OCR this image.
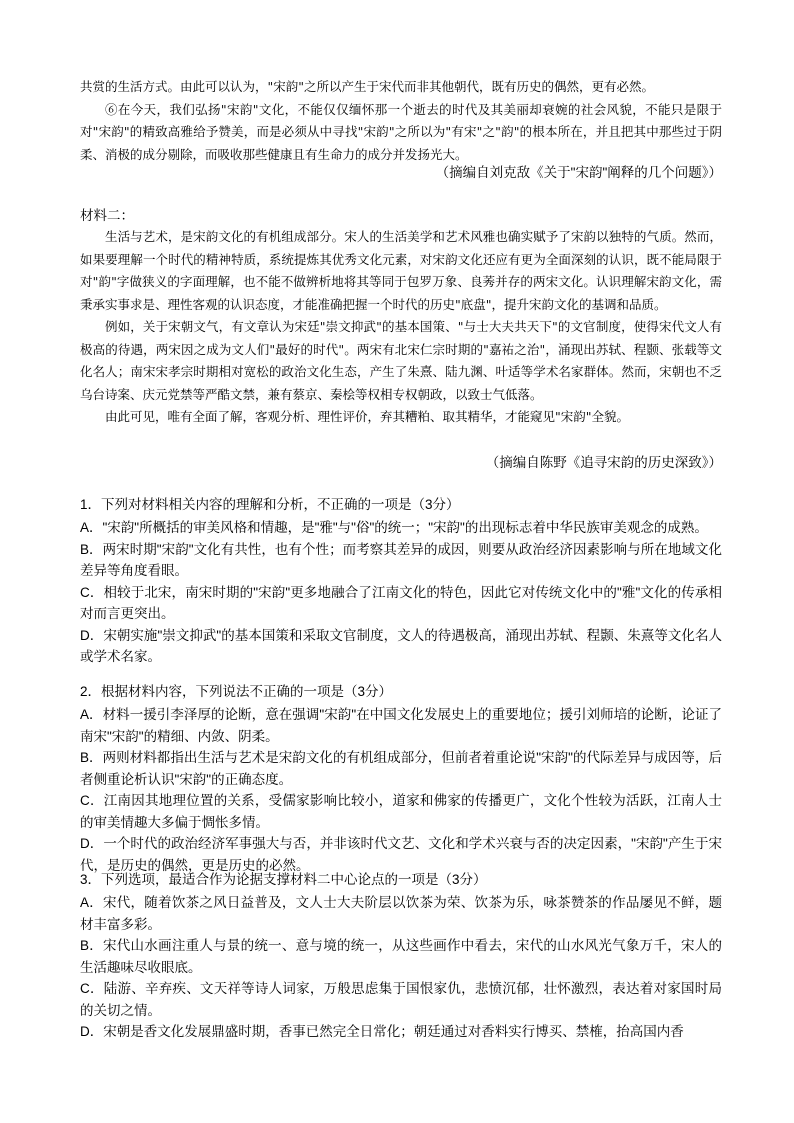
共赏的生活方式。由此可以认为，"宋韵"之所以产生于宋代而非其他朝代，既有历史的偶然，更有必然。

⑥在今天，我们弘扬"宋韵"文化，不能仅仅缅怀那一个逝去的时代及其美丽却衰婉的社会风貌，不能只是限于对"宋韵"的精致高雅给予赞美，而是必须从中寻找"宋韵"之所以为"有宋"之"韵"的根本所在，并且把其中那些过于阴柔、消极的成分剔除，而吸收那些健康且有生命力的成分并发扬光大。

（摘编自刘克敌《关于"宋韵"阐释的几个问题》）

材料二：

生活与艺术，是宋韵文化的有机组成部分。宋人的生活美学和艺术风雅也确实赋予了宋韵以独特的气质。然而，如果要理解一个时代的精神特质，系统提炼其优秀文化元素，对宋韵文化还应有更为全面深刻的认识，既不能局限于对"韵"字做狭义的字面理解，也不能不做辨析地将其等同于包罗万象、良莠并存的两宋文化。认识理解宋韵文化，需秉承实事求是、理性客观的认识态度，才能准确把握一个时代的历史"底盘"，提升宋韵文化的基调和品质。

例如，关于宋朝文气，有文章认为宋廷"崇文抑武"的基本国策、"与士大夫共天下"的文官制度，使得宋代文人有极高的待遇，两宋因之成为文人们"最好的时代"。两宋有北宋仁宗时期的"嘉祐之治"，涌现出苏轼、程颢、张载等文化名人；南宋宋孝宗时期相对宽松的政治文化生态，产生了朱熹、陆九渊、叶适等学术名家群体。然而，宋朝也不乏乌台诗案、庆元党禁等严酷文禁，兼有蔡京、秦桧等权相专权朝政，以致士气低落。

由此可见，唯有全面了解，客观分析、理性评价，弃其糟粕、取其精华，才能窥见"宋韵"全貌。

（摘编自陈野《追寻宋韵的历史深致》）

1．下列对材料相关内容的理解和分析，不正确的一项是（3分）

A．"宋韵"所概括的审美风格和情趣，是"雅"与"俗"的统一；"宋韵"的出现标志着中华民族审美观念的成熟。

B．两宋时期"宋韵"文化有共性，也有个性；而考察其差异的成因，则要从政治经济因素影响与所在地域文化差异等角度看眼。

C．相较于北宋，南宋时期的"宋韵"更多地融合了江南文化的特色，因此它对传统文化中的"雅"文化的传承相对而言更突出。

D．宋朝实施"崇文抑武"的基本国策和采取文官制度，文人的待遇极高，涌现出苏轼、程颢、朱熹等文化名人或学术名家。

2．根据材料内容，下列说法不正确的一项是（3分）

A．材料一援引李泽厚的论断，意在强调"宋韵"在中国文化发展史上的重要地位；援引刘师培的论断，论证了南宋"宋韵"的精细、内敛、阴柔。

B．两则材料都指出生活与艺术是宋韵文化的有机组成部分，但前者着重论说"宋韵"的代际差异与成因等，后者侧重论析认识"宋韵"的正确态度。

C．江南因其地理位置的关系，受儒家影响比较小，道家和佛家的传播更广，文化个性较为活跃，江南人士的审美情趣大多偏于惆怅多情。

D．一个时代的政治经济军事强大与否，并非该时代文艺、文化和学术兴衰与否的决定因素，"宋韵"产生于宋代，是历史的偶然，更是历史的必然。

3．下列选项，最适合作为论据支撑材料二中心论点的一项是（3分）

A．宋代，随着饮茶之风日益普及，文人士大夫阶层以饮茶为荣、饮茶为乐，咏茶赞茶的作品屡见不鲜，题材丰富多彩。

B．宋代山水画注重人与景的统一、意与境的统一，从这些画作中看去，宋代的山水风光气象万千，宋人的生活趣味尽收眼底。

C．陆游、辛弃疾、文天祥等诗人词家，万般思虑集于国恨家仇，悲愤沉郁，壮怀激烈，表达着对家国时局的关切之情。

D．宋朝是香文化发展鼎盛时期，香事已然完全日常化；朝廷通过对香料实行博买、禁榷，抬高国内香
